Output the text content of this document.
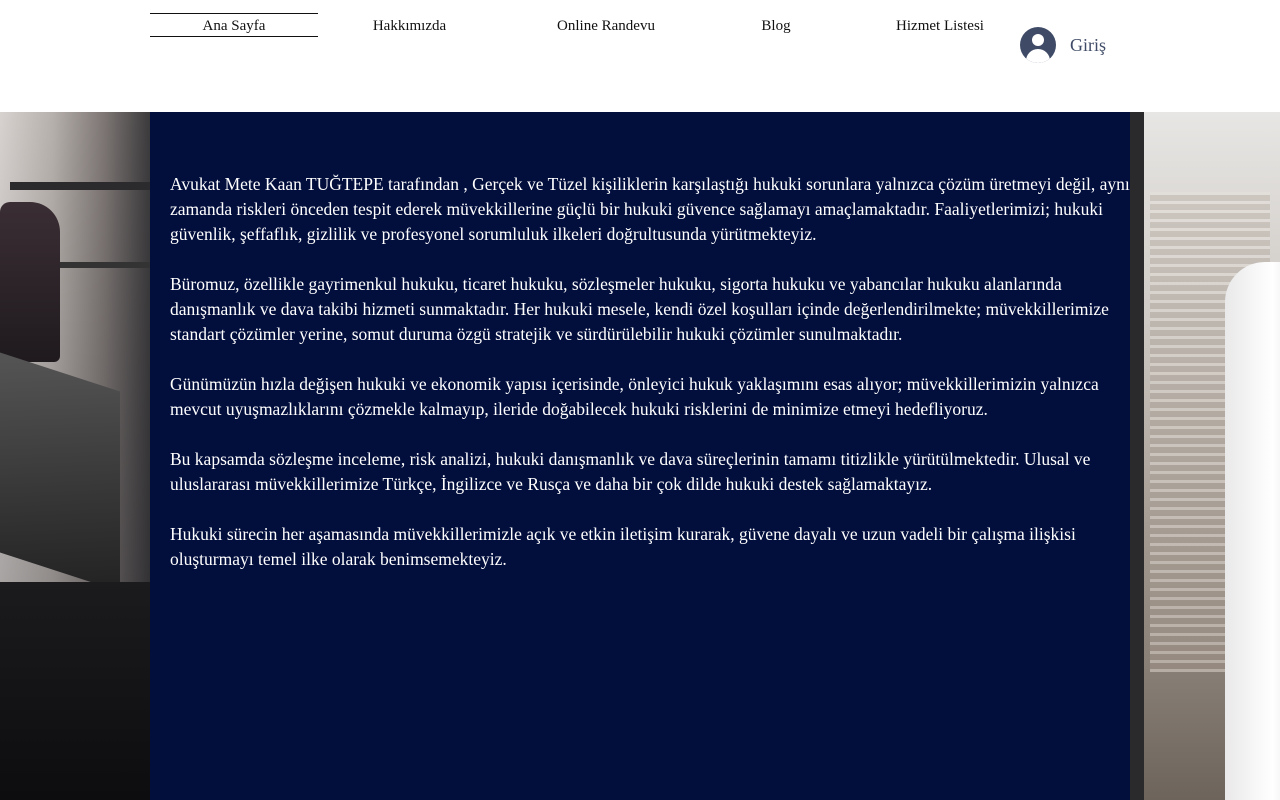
Ana Sayfa	Hakkımızda	Online Randevu	Blog	Hizmet Listesi
Giriş

Avukat Mete Kaan TUĞTEPE tarafından , Gerçek ve Tüzel kişiliklerin karşılaştığı hukuki sorunlara yalnızca çözüm üretmeyi değil, aynı zamanda riskleri önceden tespit ederek müvekkillerine güçlü bir hukuki güvence sağlamayı amaçlamaktadır. Faaliyetlerimizi; hukuki güvenlik, şeffaflık, gizlilik ve profesyonel sorumluluk ilkeleri doğrultusunda yürütmekteyiz.

Büromuz, özellikle gayrimenkul hukuku, ticaret hukuku, sözleşmeler hukuku, sigorta hukuku ve yabancılar hukuku alanlarında danışmanlık ve dava takibi hizmeti sunmaktadır. Her hukuki mesele, kendi özel koşulları içinde değerlendirilmekte; müvekkillerimize standart çözümler yerine, somut duruma özgü stratejik ve sürdürülebilir hukuki çözümler sunulmaktadır.

Günümüzün hızla değişen hukuki ve ekonomik yapısı içerisinde, önleyici hukuk yaklaşımını esas alıyor; müvekkillerimizin yalnızca mevcut uyuşmazlıklarını çözmekle kalmayıp, ileride doğabilecek hukuki risklerini de minimize etmeyi hedefliyoruz.

Bu kapsamda sözleşme inceleme, risk analizi, hukuki danışmanlık ve dava süreçlerinin tamamı titizlikle yürütülmektedir. Ulusal ve uluslararası müvekkillerimize Türkçe, İngilizce ve Rusça ve daha bir çok dilde hukuki destek sağlamaktayız.

Hukuki sürecin her aşamasında müvekkillerimizle açık ve etkin iletişim kurarak, güvene dayalı ve uzun vadeli bir çalışma ilişkisi oluşturmayı temel ilke olarak benimsemekteyiz.
